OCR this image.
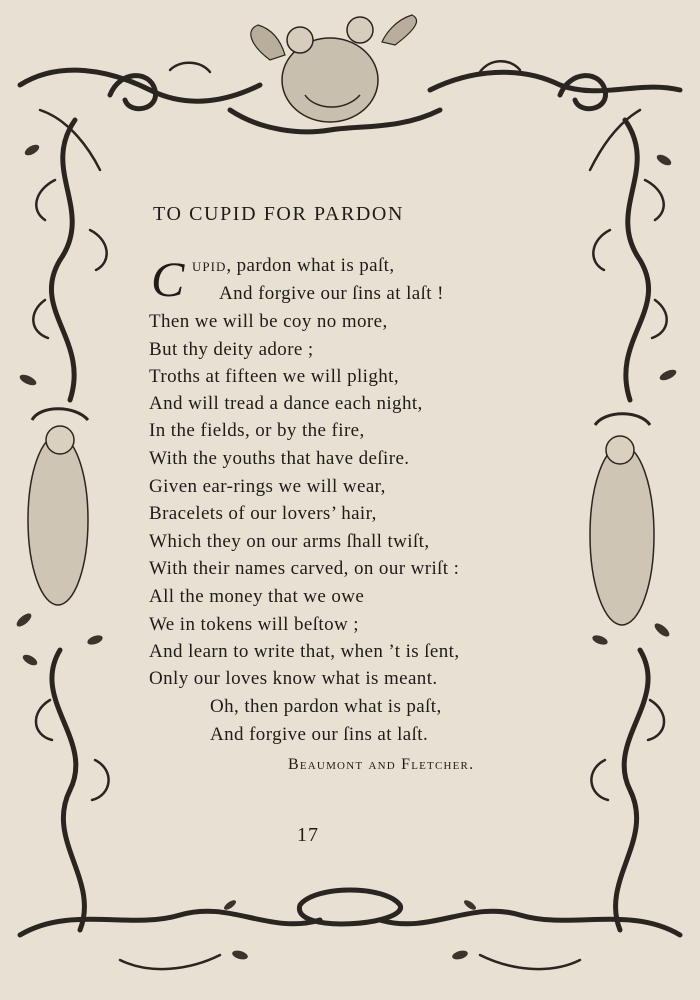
TO CUPID FOR PARDON
C upid, pardon what is paſt,
And forgive our ſins at laſt !
Then we will be coy no more,
But thy deity adore ;
Troths at fifteen we will plight,
And will tread a dance each night,
In the fields, or by the fire,
With the youths that have deſire.
Given ear-rings we will wear,
Bracelets of our lovers’ hair,
Which they on our arms ſhall twiſt,
With their names carved, on our wriſt :
All the money that we owe
We in tokens will beſtow ;
And learn to write that, when ’t is ſent,
Only our loves know what is meant.
Oh, then pardon what is paſt,
And forgive our ſins at laſt.
Beaumont and Fletcher.
17
